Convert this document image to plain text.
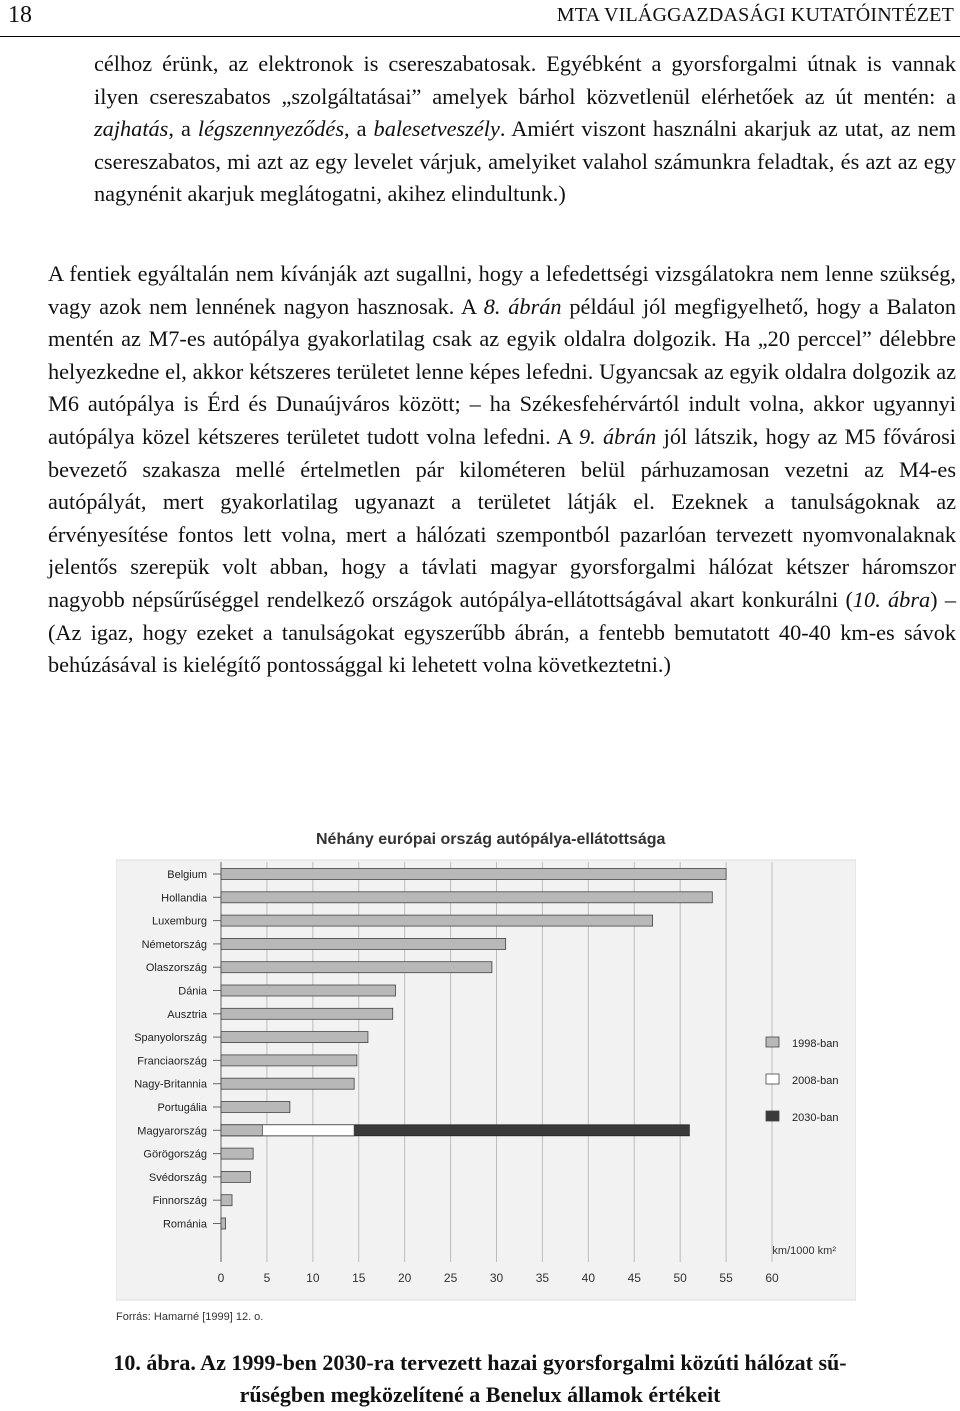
18	MTA VILÁGGAZDASÁGI KUTATÓINTÉZET

célhoz érünk, az elektronok is csereszabatosak. Egyébként a gyorsforgalmi útnak is vannak ilyen csereszabatos „szolgáltatásai” amelyek bárhol közvetlenül elérhetőek az út mentén: a zajhatás, a légszennyeződés, a balesetveszély. Amiért viszont használni akarjuk az utat, az nem csereszabatos, mi azt az egy levelet várjuk, amelyiket valahol számunkra feladtak, és azt az egy nagynénit akarjuk meglátogatni, akihez elindultunk.)

A fentiek egyáltalán nem kívánják azt sugallni, hogy a lefedettségi vizsgálatokra nem lenne szükség, vagy azok nem lennének nagyon hasznosak. A 8. ábrán például jól megfigyelhető, hogy a Balaton mentén az M7-es autópálya gyakorlatilag csak az egyik oldalra dolgozik. Ha „20 perccel” délebbre helyezkedne el, akkor kétszeres területet lenne képes lefedni. Ugyancsak az egyik oldalra dolgozik az M6 autópálya is Érd és Dunaújváros között; – ha Székesfehérvártól indult volna, akkor ugyannyi autópálya közel kétszeres területet tudott volna lefedni. A 9. ábrán jól látszik, hogy az M5 fővárosi bevezető szakasza mellé értelmetlen pár kilométeren belül párhuzamosan vezetni az M4-es autópályát, mert gyakorlatilag ugyanazt a területet látják el. Ezeknek a tanulságoknak az érvényesítése fontos lett volna, mert a hálózati szempontból pazarlóan tervezett nyomvonalaknak jelentős szerepük volt abban, hogy a távlati magyar gyorsforgalmi hálózat kétszer háromszor nagyobb népsűrűséggel rendelkező országok autópálya-ellátottságával akart konkurálni (10. ábra) – (Az igaz, hogy ezeket a tanulságokat egyszerűbb ábrán, a fentebb bemutatott 40-40 km-es sávok behúzásával is kielégítő pontossággal ki lehetett volna következtetni.)

Néhány európai ország autópálya-ellátottsága
0	5	10	15	20	25	30	35	40	45	50	55	60
Belgium
Hollandia
Luxemburg
Németország
Olaszország
Dánia
Ausztria
Spanyolország
Franciaország
Nagy-Britannia
Portugália
Magyarország
Görögország
Svédország
Finnország
Románia
1998-ban
2008-ban
2030-ban
km/1000 km²
Forrás: Hamarné [1999] 12. o.
10. ábra. Az 1999-ben 2030-ra tervezett hazai gyorsforgalmi közúti hálózat sű-
rűségben megközelítené a Benelux államok értékeit
